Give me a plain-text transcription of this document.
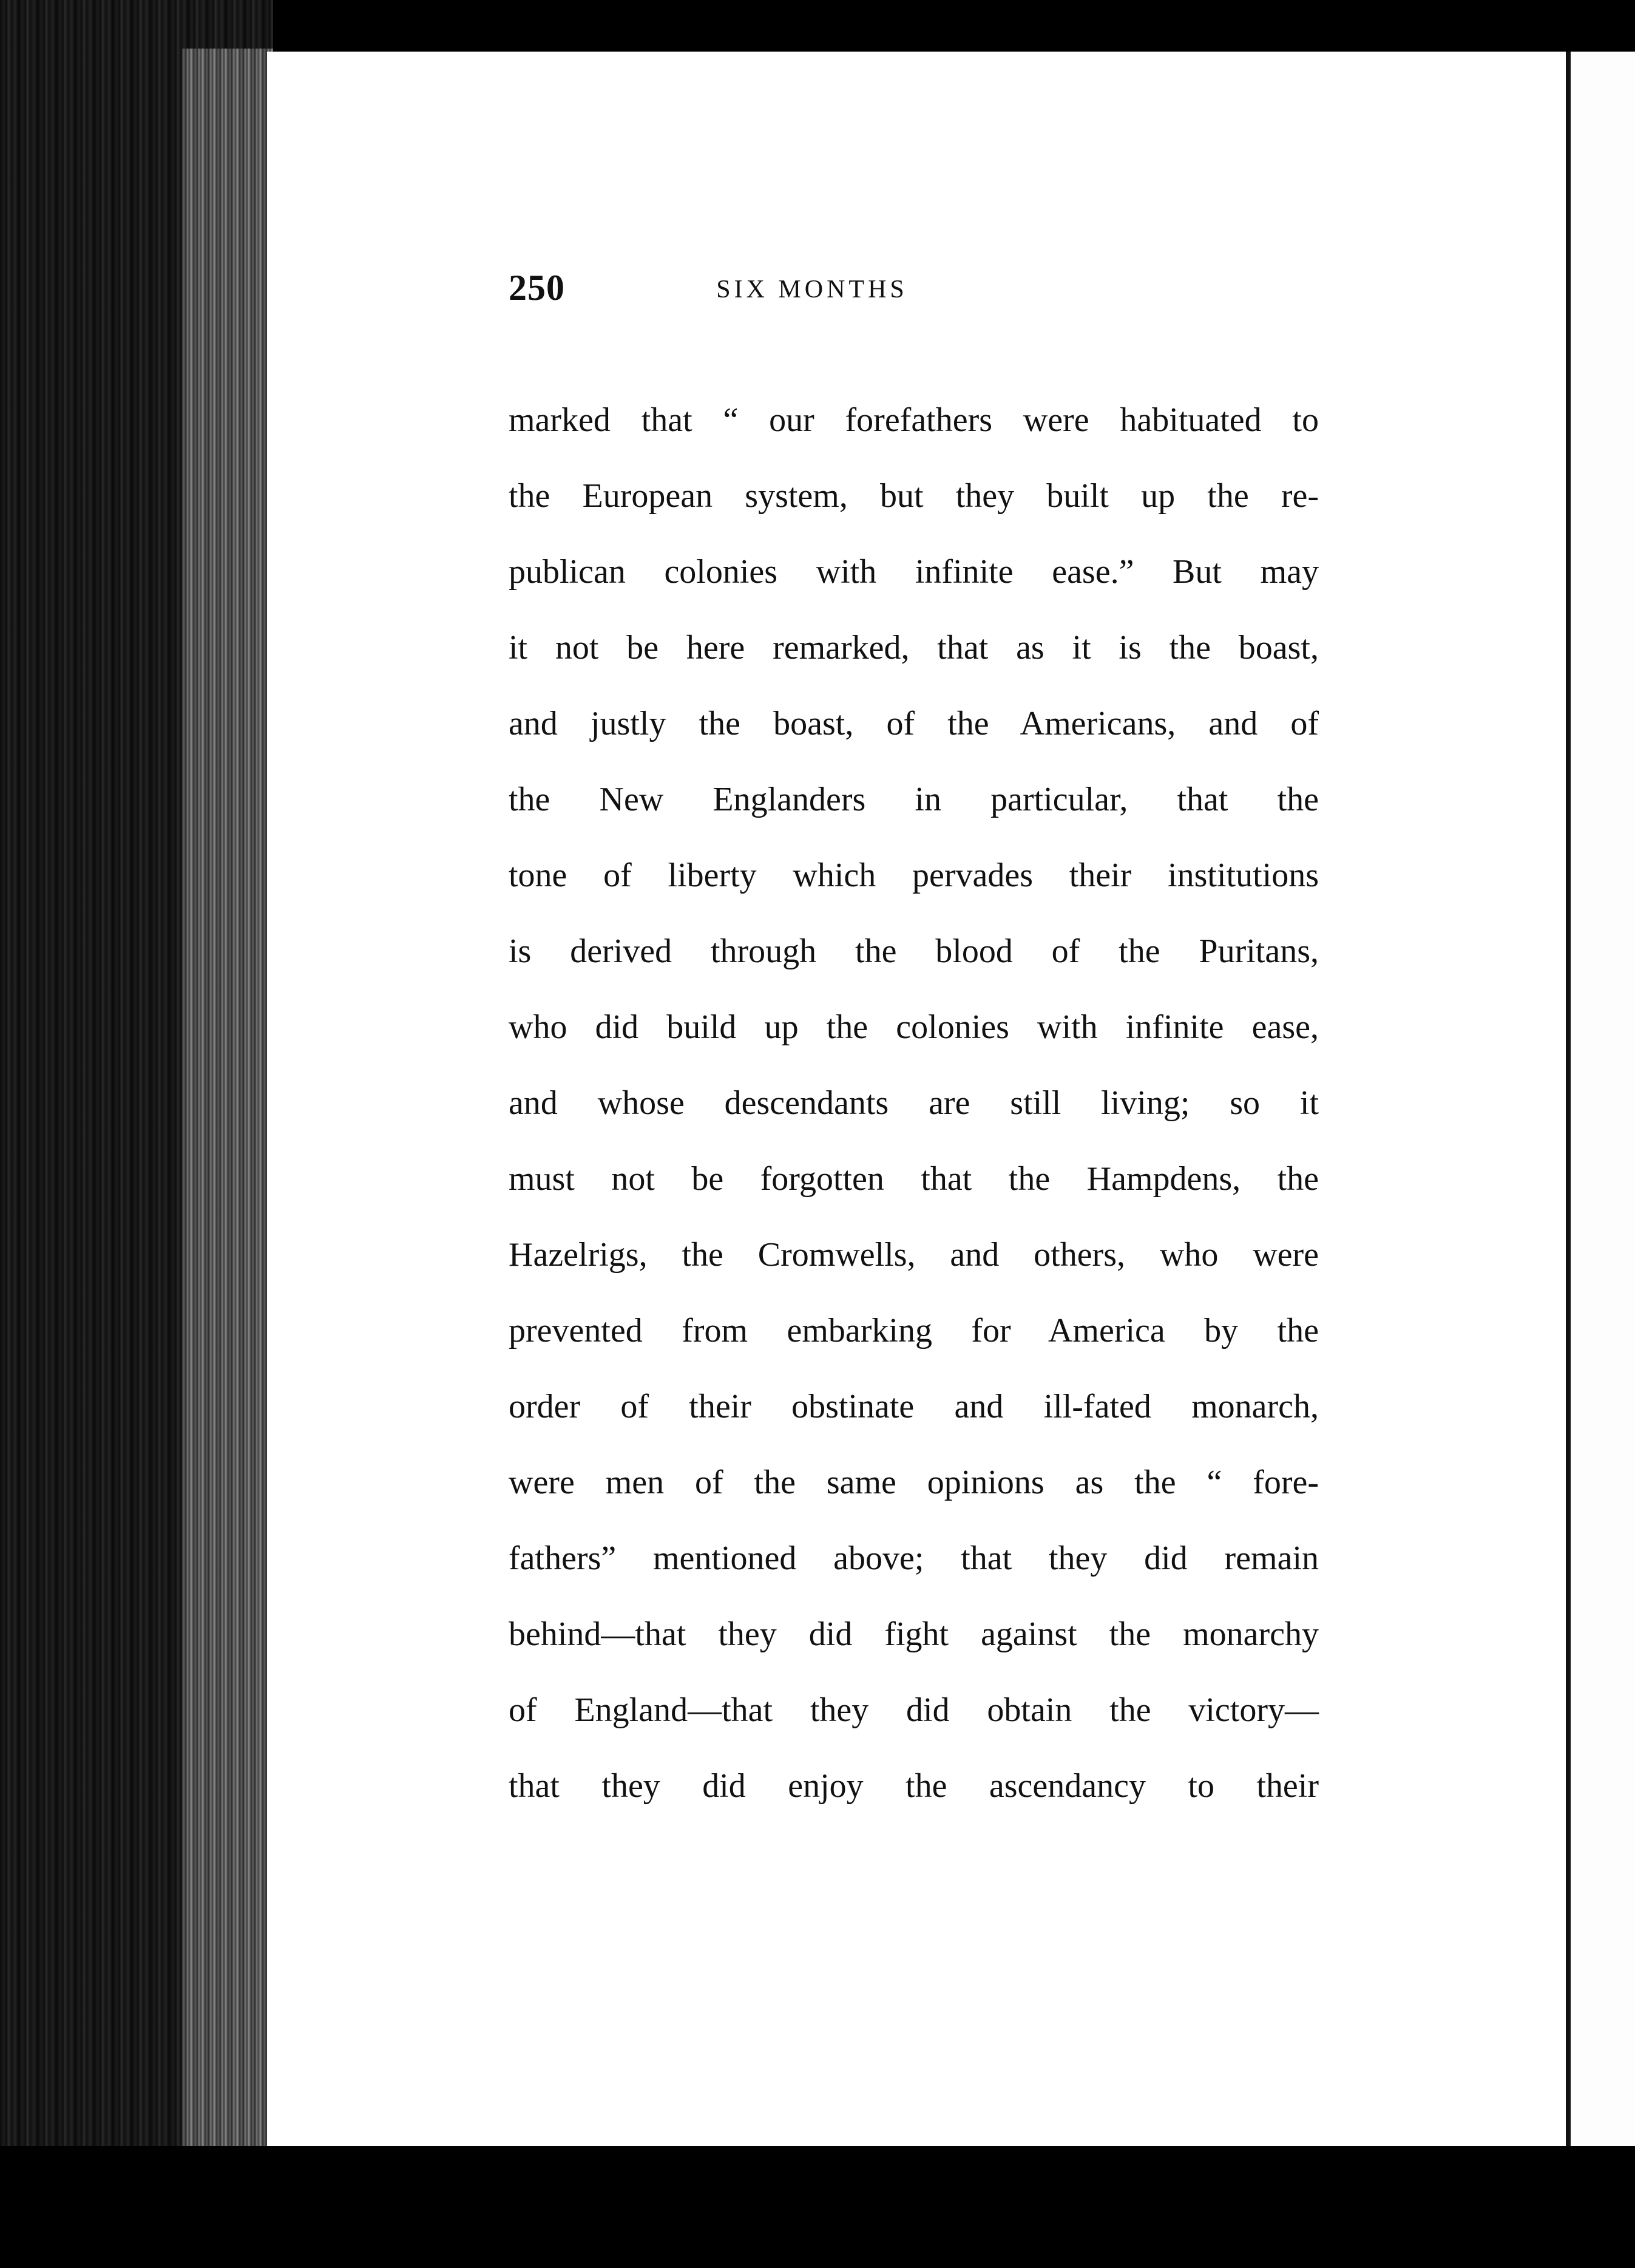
250	SIX MONTHS
marked that “ our forefathers were habituated to
the European system, but they built up the re-
publican colonies with infinite ease.” But may
it not be here remarked, that as it is the boast,
and justly the boast, of the Americans, and of
the New Englanders in particular, that the
tone of liberty which pervades their institutions
is derived through the blood of the Puritans,
who did build up the colonies with infinite ease,
and whose descendants are still living; so it
must not be forgotten that the Hampdens, the
Hazelrigs, the Cromwells, and others, who were
prevented from embarking for America by the
order of their obstinate and ill-fated monarch,
were men of the same opinions as the “ fore-
fathers” mentioned above; that they did remain
behind—that they did fight against the monarchy
of England—that they did obtain the victory—
that they did enjoy the ascendancy to their
